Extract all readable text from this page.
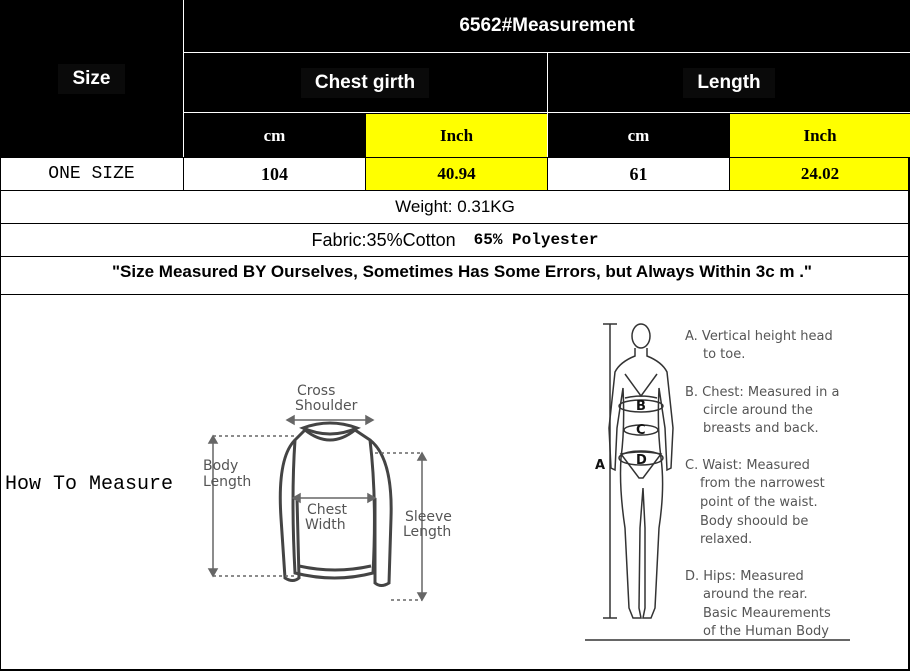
Size
6562#Measurement
Chest girth	Length
cm	Inch	cm	Inch
ONE SIZE	104	40.94	61	24.02
Weight: 0.31KG
Fabric:35%Cotton 65% Polyester
"Size Measured BY Ourselves, Sometimes Has Some Errors, but Always Within 3c m ."
How To Measure
Cross
Shoulder
Body
Length
Chest
Width	Sleeve
Length
A
B
C
D
A. Vertical height head
to toe.
B. Chest: Measured in a
circle around the
breasts and back.
C. Waist: Measured
from the narrowest
point of the waist.
Body shoould be
relaxed.
D. Hips: Measured
around the rear.
Basic Meaurements
of the Human Body
